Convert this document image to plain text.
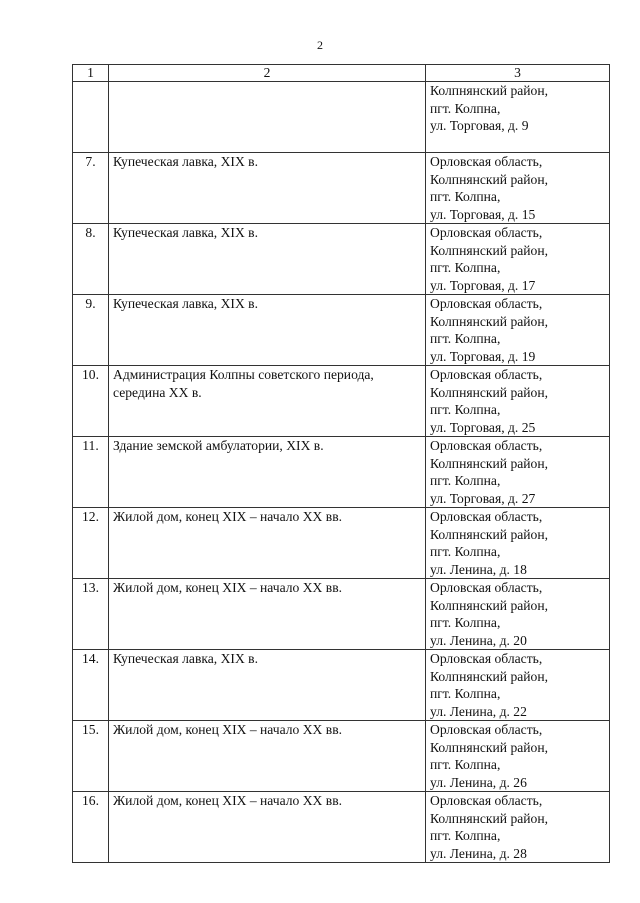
2
1	2	3

		Колпнянский район,
пгт. Колпна,
ул. Торговая, д. 9

7.	Купеческая лавка, XIX в.	Орловская область,
Колпнянский район,
пгт. Колпна,
ул. Торговая, д. 15

8.	Купеческая лавка, XIX в.	Орловская область,
Колпнянский район,
пгт. Колпна,
ул. Торговая, д. 17

9.	Купеческая лавка, XIX в.	Орловская область,
Колпнянский район,
пгт. Колпна,
ул. Торговая, д. 19

10.	Администрация Колпны советского периода,
середина XX в.	Орловская область,
Колпнянский район,
пгт. Колпна,
ул. Торговая, д. 25

11.	Здание земской амбулатории, XIX в.	Орловская область,
Колпнянский район,
пгт. Колпна,
ул. Торговая, д. 27

12.	Жилой дом, конец XIX – начало XX вв.	Орловская область,
Колпнянский район,
пгт. Колпна,
ул. Ленина, д. 18

13.	Жилой дом, конец XIX – начало XX вв.	Орловская область,
Колпнянский район,
пгт. Колпна,
ул. Ленина, д. 20

14.	Купеческая лавка, XIX в.	Орловская область,
Колпнянский район,
пгт. Колпна,
ул. Ленина, д. 22

15.	Жилой дом, конец XIX – начало XX вв.	Орловская область,
Колпнянский район,
пгт. Колпна,
ул. Ленина, д. 26

16.	Жилой дом, конец XIX – начало XX вв.	Орловская область,
Колпнянский район,
пгт. Колпна,
ул. Ленина, д. 28
